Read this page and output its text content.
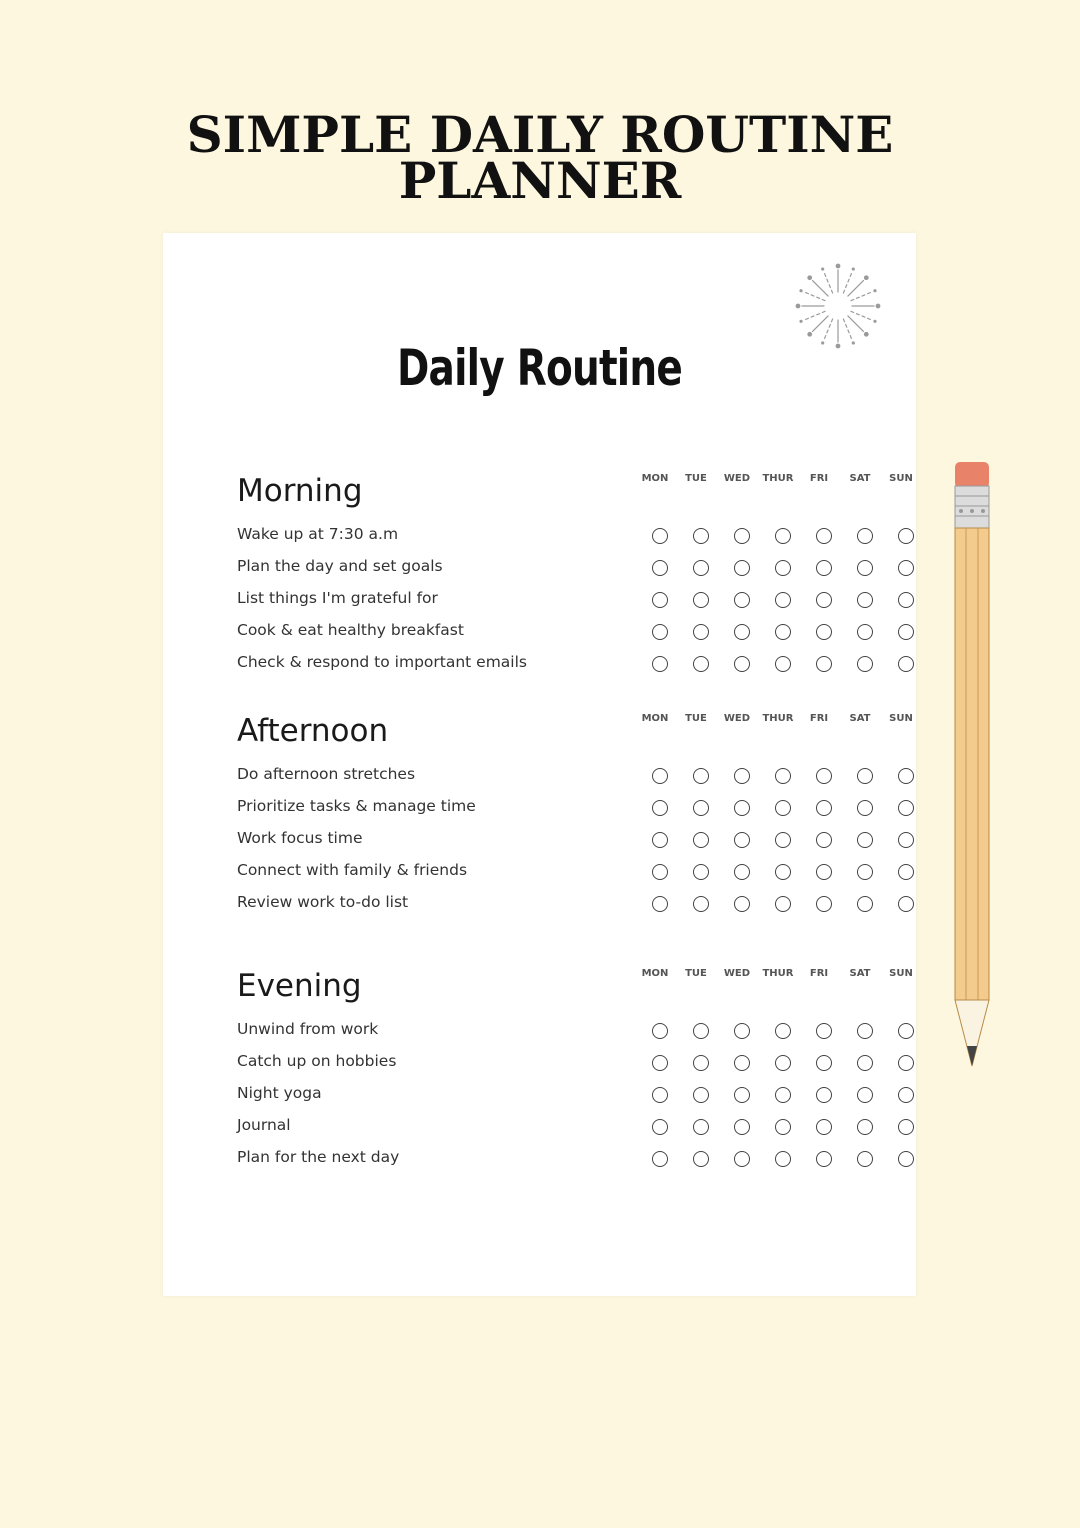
SIMPLE DAILY ROUTINE
PLANNER
Daily Routine
Morning	MON	TUE	WED	THUR	FRI	SAT	SUN
Wake up at 7:30 a.m
Plan the day and set goals
List things I'm grateful for
Cook & eat healthy breakfast
Check & respond to important emails
Afternoon	MON	TUE	WED	THUR	FRI	SAT	SUN
Do afternoon stretches
Prioritize tasks & manage time
Work focus time
Connect with family & friends
Review work to-do list
Evening	MON	TUE	WED	THUR	FRI	SAT	SUN
Unwind from work
Catch up on hobbies
Night yoga
Journal
Plan for the next day
